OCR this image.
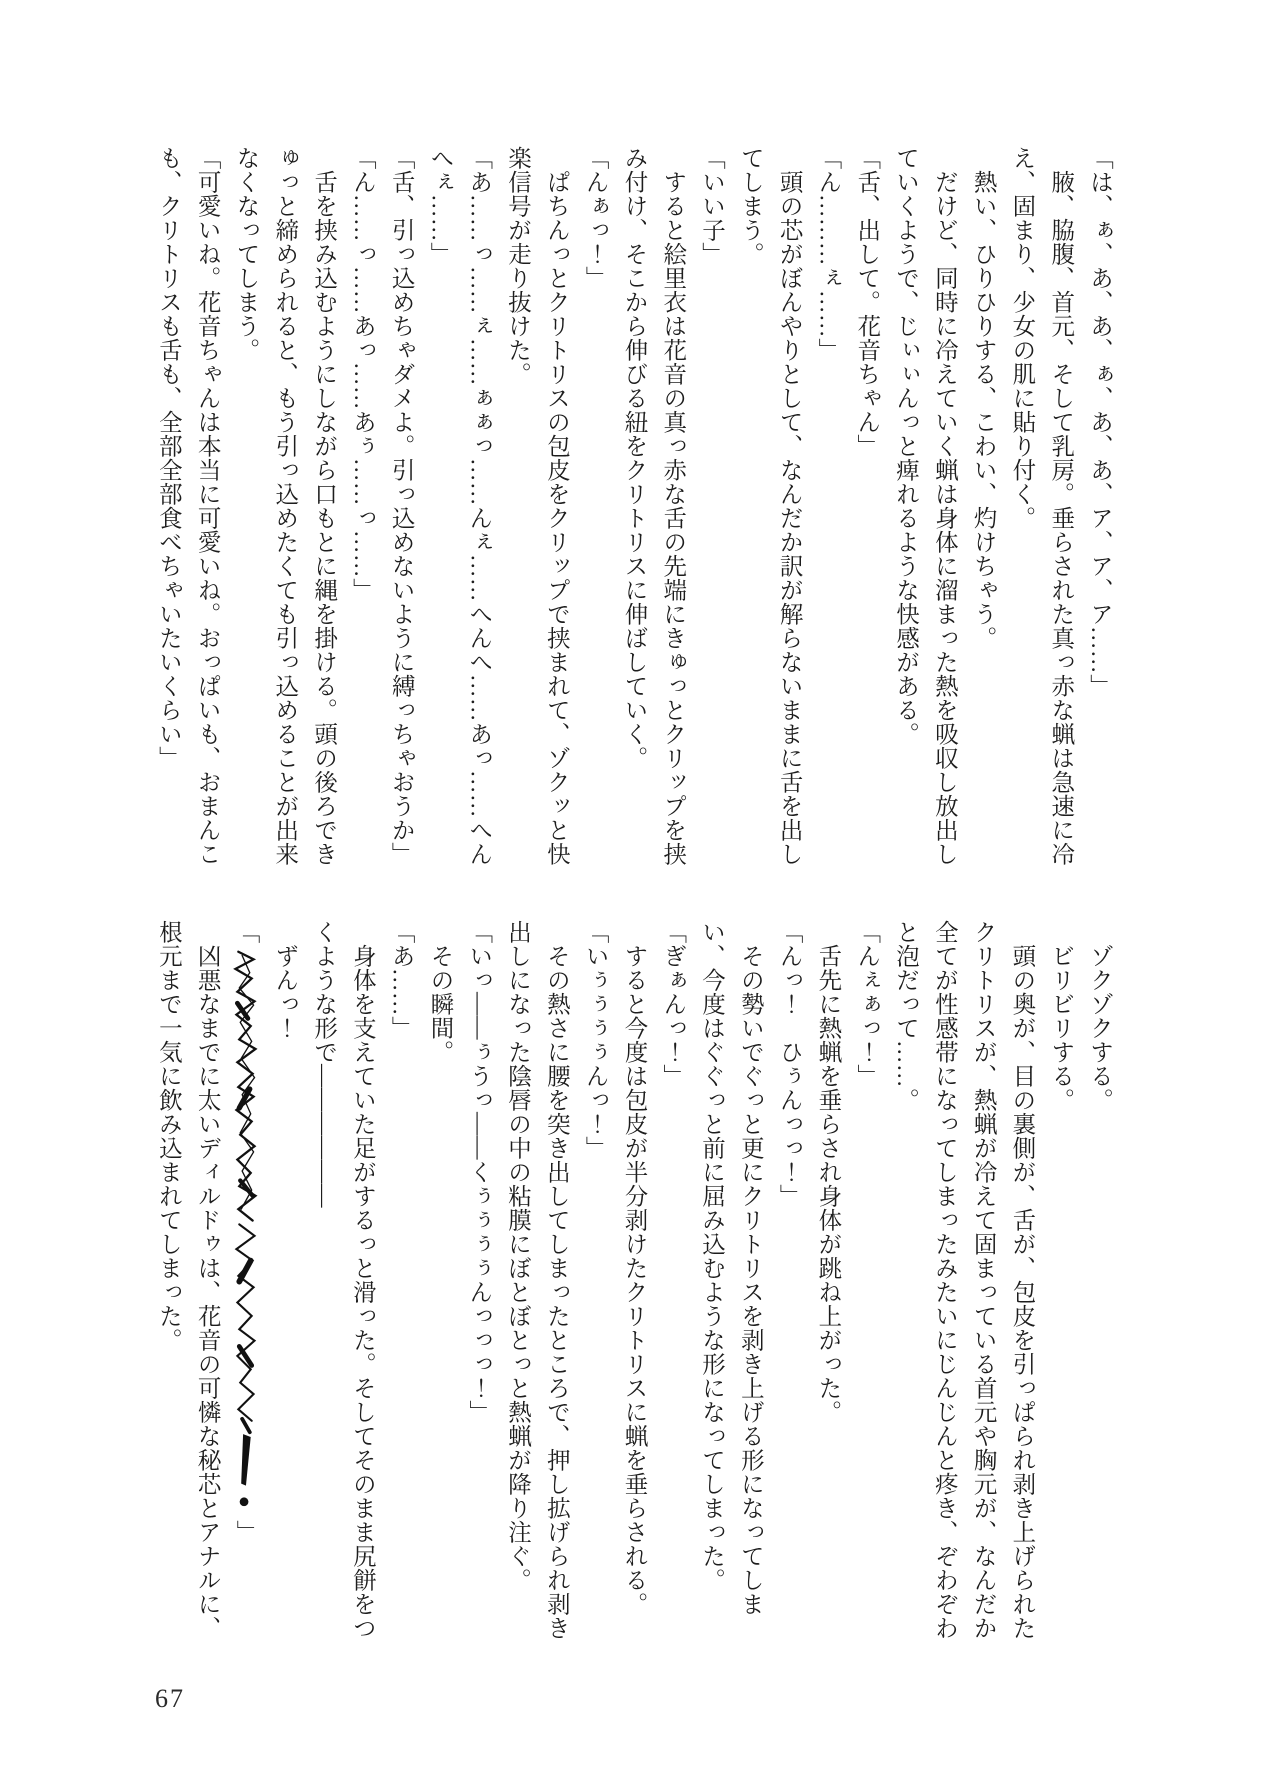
「は、ぁ、あ、あ、ぁ、あ、あ、ア、ア、ア……」

腋、脇腹、首元、そして乳房。垂らされた真っ赤な蝋は急速に冷え、固まり、少女の肌に貼り付く。

熱い、ひりひりする、こわい、灼けちゃう。

だけど、同時に冷えていく蝋は身体に溜まった熱を吸収し放出していくようで、じぃぃんっと痺れるような快感がある。

「舌、出して。花音ちゃん」

「ん………ぇ……」

頭の芯がぼんやりとして、なんだか訳が解らないままに舌を出してしまう。

「いい子」

すると絵里衣は花音の真っ赤な舌の先端にきゅっとクリップを挟み付け、そこから伸びる紐をクリトリスに伸ばしていく。

「んぁっ！」

ぱちんっとクリトリスの包皮をクリップで挟まれて、ゾクッと快楽信号が走り抜けた。

「あ……っ……ぇ……ぁぁっ……んぇ……へんへ……あっ……へんへぇ……」

「舌、引っ込めちゃダメよ。引っ込めないように縛っちゃおうか」

「ん……っ……あっ……あぅ……っ……」

舌を挟み込むようにしながら口もとに縄を掛ける。頭の後ろできゅっと締められると、もう引っ込めたくても引っ込めることが出来なくなってしまう。

「可愛いね。花音ちゃんは本当に可愛いね。おっぱいも、おまんこも、クリトリスも舌も、全部全部食べちゃいたいくらい」

ゾクゾクする。

ビリビリする。

頭の奥が、目の裏側が、舌が、包皮を引っぱられ剥き上げられたクリトリスが、熱蝋が冷えて固まっている首元や胸元が、なんだか全てが性感帯になってしまったみたいにじんじんと疼き、ぞわぞわと泡だって……。

「んぇぁっ！」

舌先に熱蝋を垂らされ身体が跳ね上がった。

「んっ！　ひぅんっっ！」

その勢いでぐっと更にクリトリスを剥き上げる形になってしまい、今度はぐぐっと前に屈み込むような形になってしまった。

「ぎぁんっ！」

すると今度は包皮が半分剥けたクリトリスに蝋を垂らされる。

「いぅぅぅぅんっ！」

その熱さに腰を突き出してしまったところで、押し拡げられ剥き出しになった陰唇の中の粘膜にぼとぼとっと熱蝋が降り注ぐ。

「いっ――ぅうっ――くぅぅぅぅんっっっ！」

その瞬間。

「あ……」

身体を支えていた足がするっと滑った。そしてそのまま尻餅をつくような形で――――――

ずんっ！

「」

凶悪なまでに太いディルドゥは、花音の可憐な秘芯とアナルに、根元まで一気に飲み込まれてしまった。

67
